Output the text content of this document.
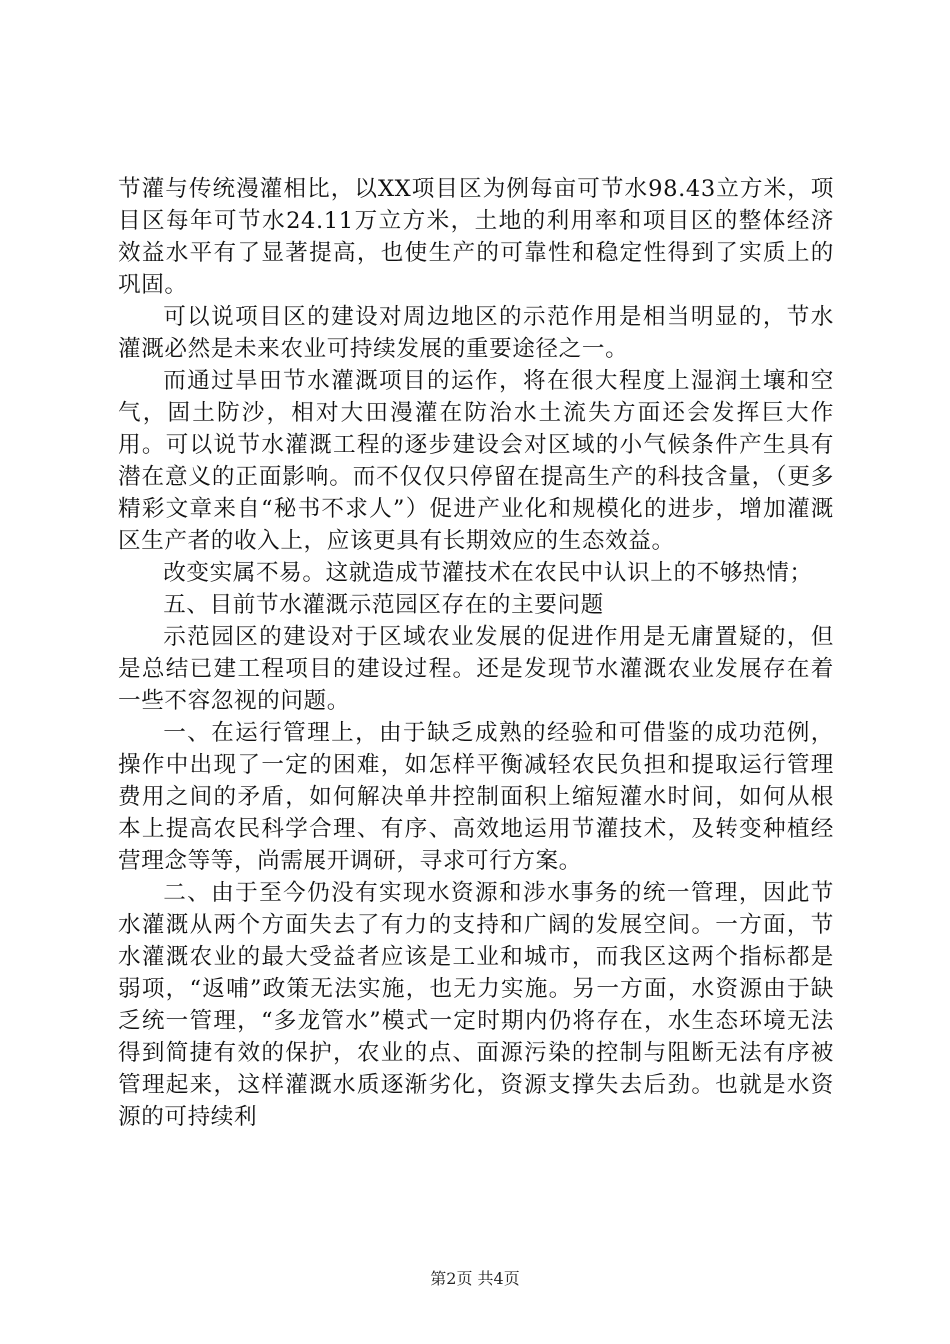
节灌与传统漫灌相比，以XX项目区为例每亩可节水98.43立方米，项目区每年可节水24.11万立方米，土地的利用率和项目区的整体经济效益水平有了显著提高，也使生产的可靠性和稳定性得到了实质上的巩固。

可以说项目区的建设对周边地区的示范作用是相当明显的，节水灌溉必然是未来农业可持续发展的重要途径之一。

而通过旱田节水灌溉项目的运作，将在很大程度上湿润土壤和空气，固土防沙，相对大田漫灌在防治水土流失方面还会发挥巨大作用。可以说节水灌溉工程的逐步建设会对区域的小气候条件产生具有潜在意义的正面影响。而不仅仅只停留在提高生产的科技含量，（更多精彩文章来自“秘书不求人”）促进产业化和规模化的进步，增加灌溉区生产者的收入上，应该更具有长期效应的生态效益。

改变实属不易。这就造成节灌技术在农民中认识上的不够热情；

五、目前节水灌溉示范园区存在的主要问题

示范园区的建设对于区域农业发展的促进作用是无庸置疑的，但是总结已建工程项目的建设过程。还是发现节水灌溉农业发展存在着一些不容忽视的问题。

一、在运行管理上，由于缺乏成熟的经验和可借鉴的成功范例，操作中出现了一定的困难，如怎样平衡减轻农民负担和提取运行管理费用之间的矛盾，如何解决单井控制面积上缩短灌水时间，如何从根本上提高农民科学合理、有序、高效地运用节灌技术，及转变种植经营理念等等，尚需展开调研，寻求可行方案。

二、由于至今仍没有实现水资源和涉水事务的统一管理，因此节水灌溉从两个方面失去了有力的支持和广阔的发展空间。一方面，节水灌溉农业的最大受益者应该是工业和城市，而我区这两个指标都是弱项，“返哺”政策无法实施，也无力实施。另一方面，水资源由于缺乏统一管理，“多龙管水”模式一定时期内仍将存在，水生态环境无法得到简捷有效的保护，农业的点、面源污染的控制与阻断无法有序被管理起来，这样灌溉水质逐渐劣化，资源支撑失去后劲。也就是水资源的可持续利

第2页 共4页
